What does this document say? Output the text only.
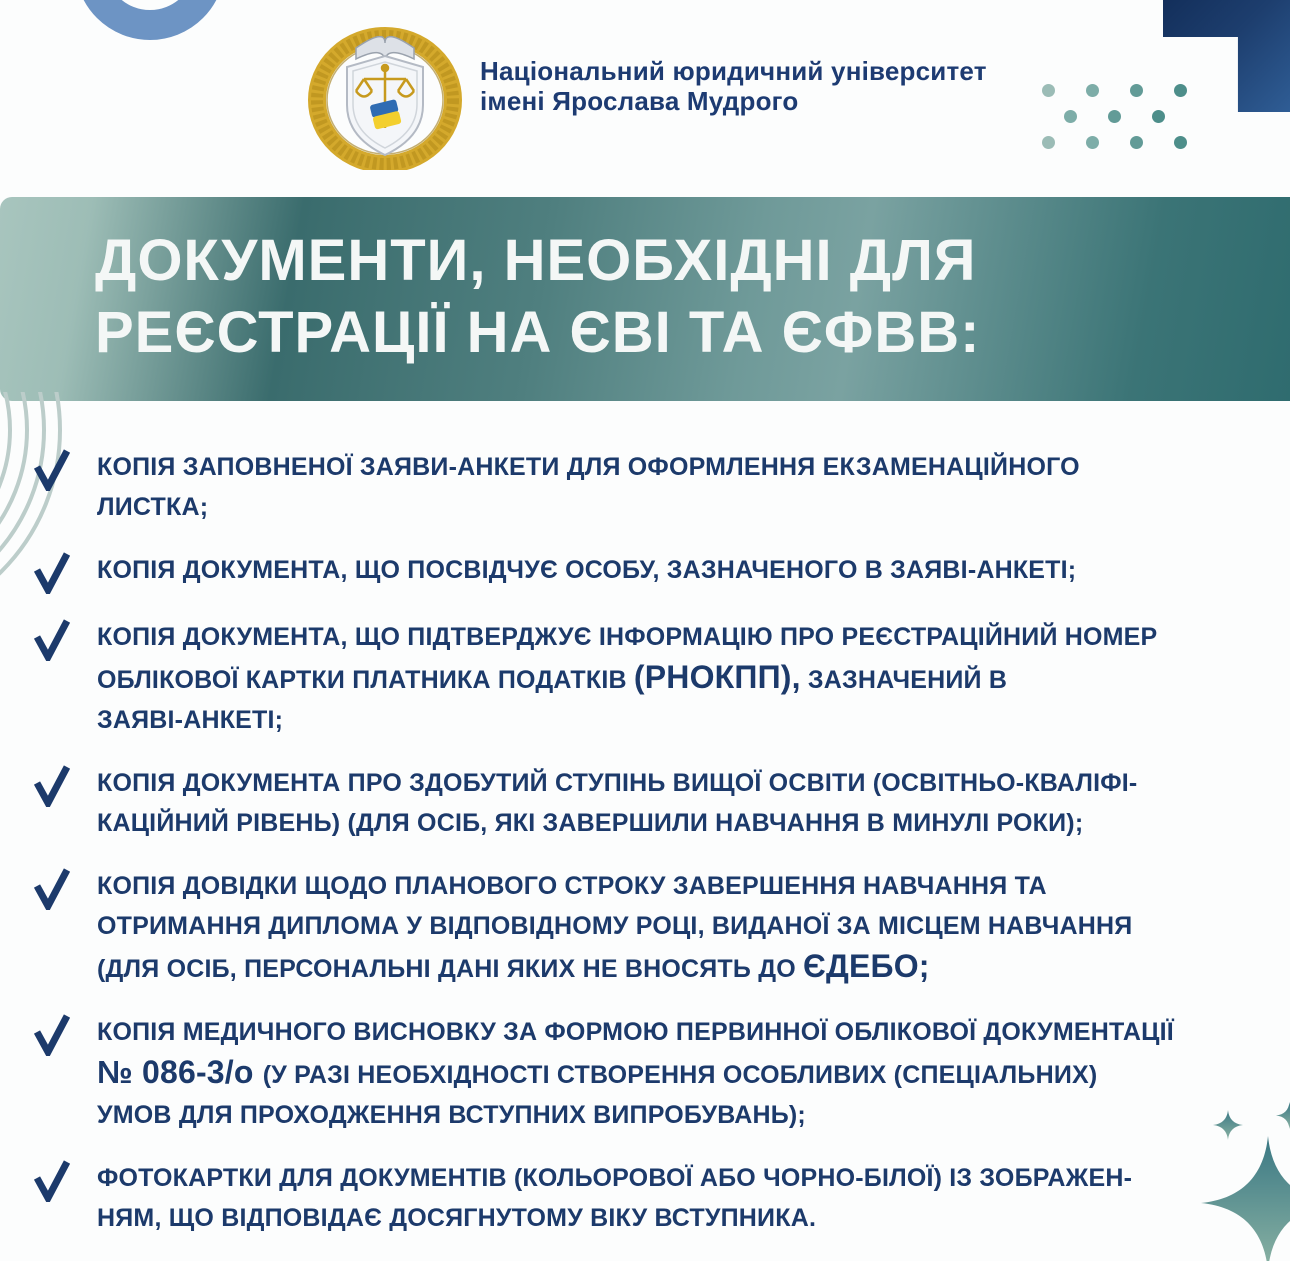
Національний юридичний університет
імені Ярослава Мудрого
ДОКУМЕНТИ, НЕОБХІДНІ ДЛЯ
РЕЄСТРАЦІЇ НА ЄВІ ТА ЄФВВ:

КОПІЯ ЗАПОВНЕНОЇ ЗАЯВИ-АНКЕТИ ДЛЯ ОФОРМЛЕННЯ ЕКЗАМЕНАЦІЙНОГО
ЛИСТКА;

КОПІЯ ДОКУМЕНТА, ЩО ПОСВІДЧУЄ ОСОБУ, ЗАЗНАЧЕНОГО В ЗАЯВІ-АНКЕТІ;

КОПІЯ ДОКУМЕНТА, ЩО ПІДТВЕРДЖУЄ ІНФОРМАЦІЮ ПРО РЕЄСТРАЦІЙНИЙ НОМЕР
ОБЛІКОВОЇ КАРТКИ ПЛАТНИКА ПОДАТКІВ (РНОКПП), ЗАЗНАЧЕНИЙ В
ЗАЯВІ-АНКЕТІ;

КОПІЯ ДОКУМЕНТА ПРО ЗДОБУТИЙ СТУПІНЬ ВИЩОЇ ОСВІТИ (ОСВІТНЬО-КВАЛІФІ-
КАЦІЙНИЙ РІВЕНЬ) (ДЛЯ ОСІБ, ЯКІ ЗАВЕРШИЛИ НАВЧАННЯ В МИНУЛІ РОКИ);

КОПІЯ ДОВІДКИ ЩОДО ПЛАНОВОГО СТРОКУ ЗАВЕРШЕННЯ НАВЧАННЯ ТА
ОТРИМАННЯ ДИПЛОМА У ВІДПОВІДНОМУ РОЦІ, ВИДАНОЇ ЗА МІСЦЕМ НАВЧАННЯ
(ДЛЯ ОСІБ, ПЕРСОНАЛЬНІ ДАНІ ЯКИХ НЕ ВНОСЯТЬ ДО ЄДЕБО;

КОПІЯ МЕДИЧНОГО ВИСНОВКУ ЗА ФОРМОЮ ПЕРВИННОЇ ОБЛІКОВОЇ ДОКУМЕНТАЦІЇ
№ 086-3/о (У РАЗІ НЕОБХІДНОСТІ СТВОРЕННЯ ОСОБЛИВИХ (СПЕЦІАЛЬНИХ)
УМОВ ДЛЯ ПРОХОДЖЕННЯ ВСТУПНИХ ВИПРОБУВАНЬ);

ФОТОКАРТКИ ДЛЯ ДОКУМЕНТІВ (КОЛЬОРОВОЇ АБО ЧОРНО-БІЛОЇ) ІЗ ЗОБРАЖЕН-
НЯМ, ЩО ВІДПОВІДАЄ ДОСЯГНУТОМУ ВІКУ ВСТУПНИКА.
